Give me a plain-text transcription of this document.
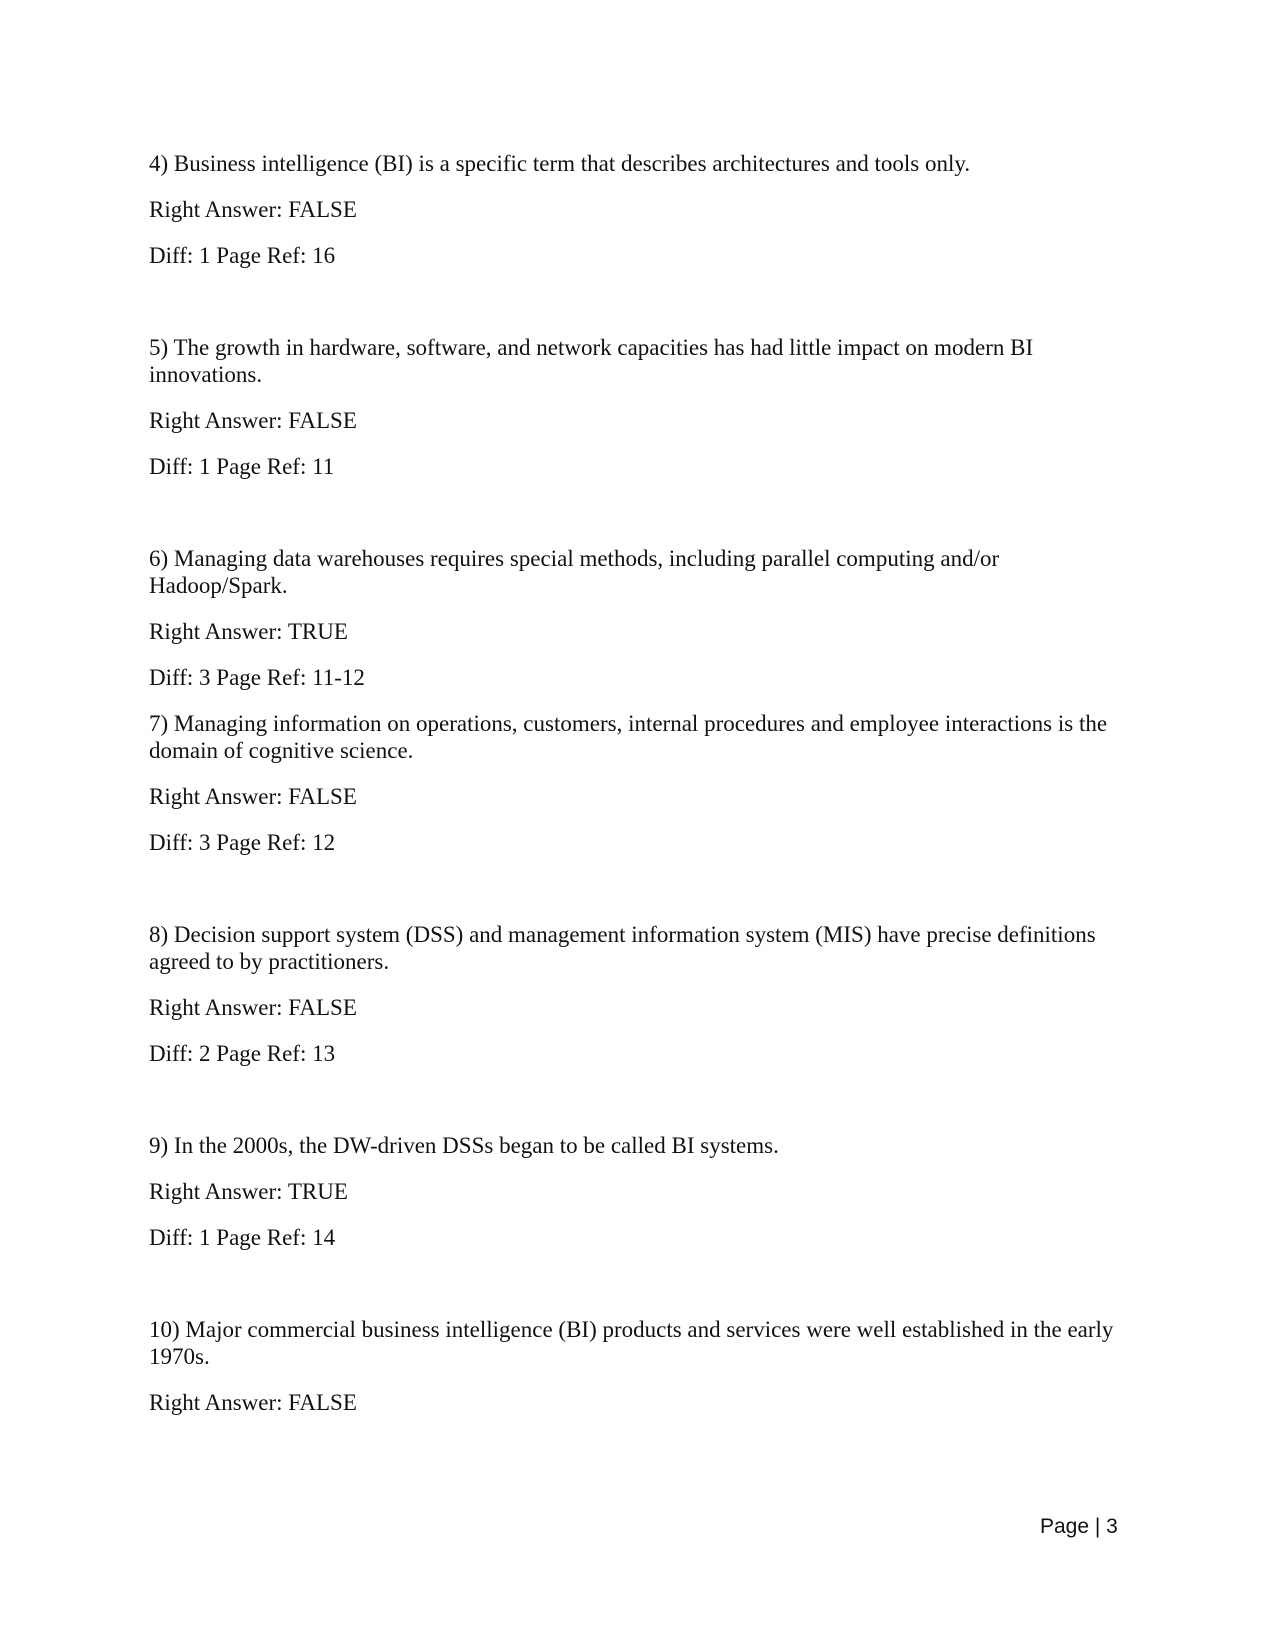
4) Business intelligence (BI) is a specific term that describes architectures and tools only.

Right Answer: FALSE

Diff: 1 Page Ref: 16

5) The growth in hardware, software, and network capacities has had little impact on modern BI innovations.

Right Answer: FALSE

Diff: 1 Page Ref: 11

6) Managing data warehouses requires special methods, including parallel computing and/or Hadoop/Spark.

Right Answer: TRUE

Diff: 3 Page Ref: 11-12

7) Managing information on operations, customers, internal procedures and employee interactions is the domain of cognitive science.

Right Answer: FALSE

Diff: 3 Page Ref: 12

8) Decision support system (DSS) and management information system (MIS) have precise definitions agreed to by practitioners.

Right Answer: FALSE

Diff: 2 Page Ref: 13

9) In the 2000s, the DW-driven DSSs began to be called BI systems.

Right Answer: TRUE

Diff: 1 Page Ref: 14

10) Major commercial business intelligence (BI) products and services were well established in the early 1970s.

Right Answer: FALSE

Page | 3
